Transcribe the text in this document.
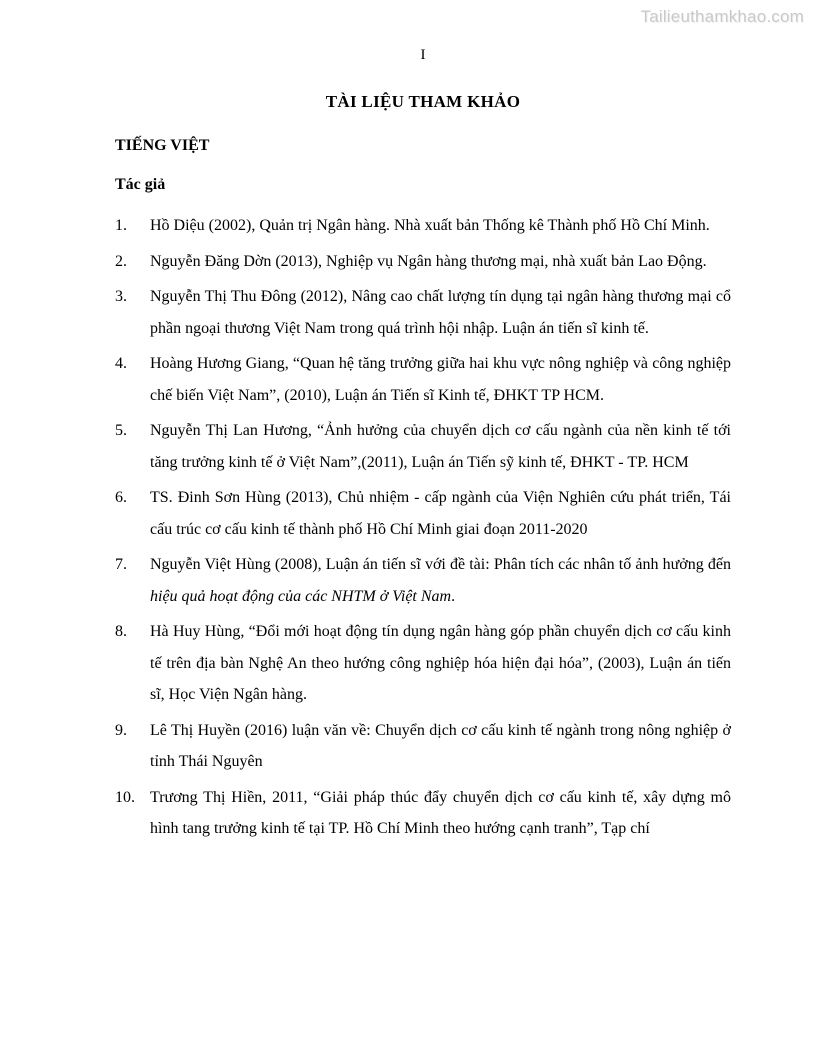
Tailieuthamkhao.com
I
TÀI LIỆU THAM KHẢO
TIẾNG VIỆT
Tác giả
1.	Hồ Diệu (2002), Quản trị Ngân hàng. Nhà xuất bản Thống kê Thành phố Hồ Chí Minh.
2.	Nguyễn Đăng Dờn (2013), Nghiệp vụ Ngân hàng thương mại, nhà xuất bản Lao Động.
3.	Nguyễn Thị Thu Đông (2012), Nâng cao chất lượng tín dụng tại ngân hàng thương mại cổ phần ngoại thương Việt Nam trong quá trình hội nhập. Luận án tiến sĩ kinh tế.
4.	Hoàng Hương Giang, “Quan hệ tăng trưởng giữa hai khu vực nông nghiệp và công nghiệp chế biến Việt Nam”, (2010), Luận án Tiến sĩ Kinh tế, ĐHKT TP HCM.
5.	Nguyễn Thị Lan Hương, “Ảnh hưởng của chuyển dịch cơ cấu ngành của nền kinh tế tới tăng trưởng kinh tế ở Việt Nam”,(2011), Luận án Tiến sỹ kinh tế, ĐHKT - TP. HCM
6.	TS. Đinh Sơn Hùng (2013), Chủ nhiệm - cấp ngành của Viện Nghiên cứu phát triển, Tái cấu trúc cơ cấu kinh tế thành phố Hồ Chí Minh giai đoạn 2011-2020
7.	Nguyễn Việt Hùng (2008), Luận án tiến sĩ với đề tài: Phân tích các nhân tố ảnh hưởng đến hiệu quả hoạt động của các NHTM ở Việt Nam.
8.	Hà Huy Hùng, “Đổi mới hoạt động tín dụng ngân hàng góp phần chuyển dịch cơ cấu kinh tế trên địa bàn Nghệ An theo hướng công nghiệp hóa hiện đại hóa”, (2003), Luận án tiến sĩ, Học Viện Ngân hàng.
9.	Lê Thị Huyền (2016) luận văn về: Chuyển dịch cơ cấu kinh tế ngành trong nông nghiệp ở tỉnh Thái Nguyên
10. Trương Thị Hiền, 2011, “Giải pháp thúc đẩy chuyển dịch cơ cấu kinh tế, xây dựng mô hình tang trưởng kinh tế tại TP. Hồ Chí Minh theo hướng cạnh tranh”, Tạp chí
